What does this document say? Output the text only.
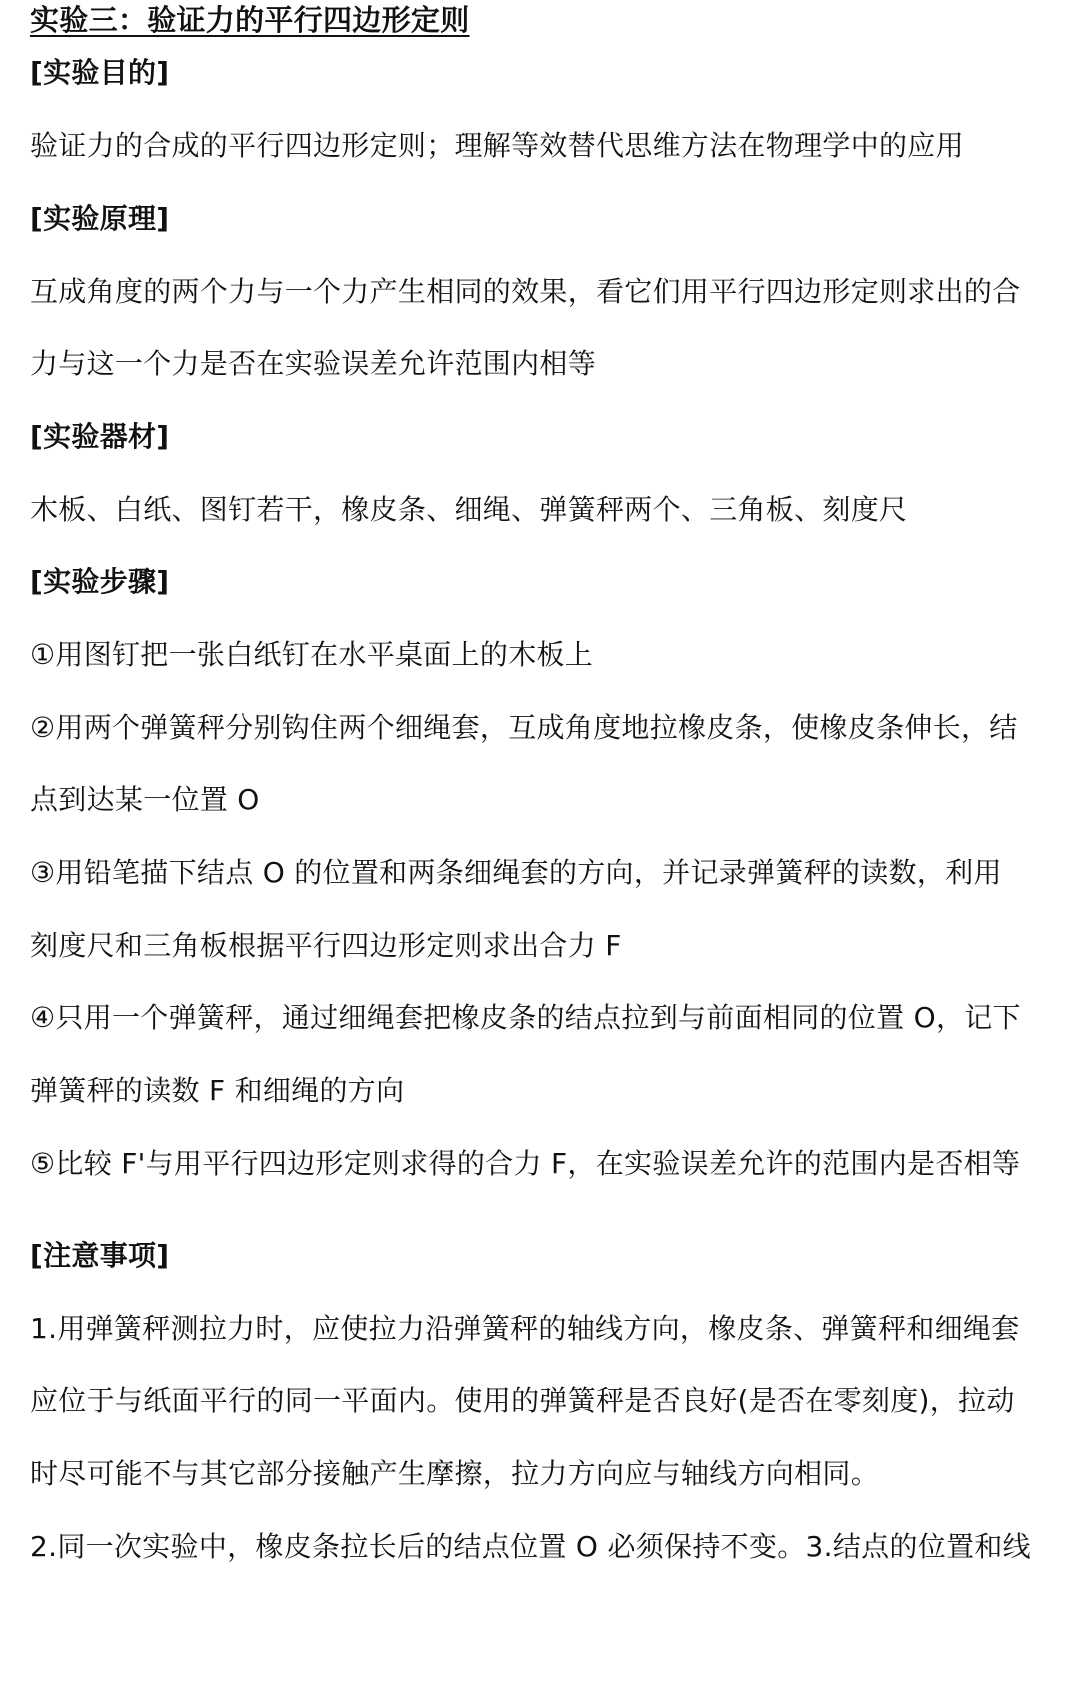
实验三：验证力的平行四边形定则
[实验目的]
验证力的合成的平行四边形定则；理解等效替代思维方法在物理学中的应用
[实验原理]
互成角度的两个力与一个力产生相同的效果，看它们用平行四边形定则求出的合
力与这一个力是否在实验误差允许范围内相等
[实验器材]
木板、白纸、图钉若干，橡皮条、细绳、弹簧秤两个、三角板、刻度尺
[实验步骤]
①用图钉把一张白纸钉在水平桌面上的木板上
②用两个弹簧秤分别钩住两个细绳套，互成角度地拉橡皮条，使橡皮条伸长，结
点到达某一位置 O
③用铅笔描下结点 O 的位置和两条细绳套的方向，并记录弹簧秤的读数，利用
刻度尺和三角板根据平行四边形定则求出合力 F
④只用一个弹簧秤，通过细绳套把橡皮条的结点拉到与前面相同的位置 O，记下
弹簧秤的读数 F 和细绳的方向
⑤比较 F'与用平行四边形定则求得的合力 F，在实验误差允许的范围内是否相等
[注意事项]
1.用弹簧秤测拉力时，应使拉力沿弹簧秤的轴线方向，橡皮条、弹簧秤和细绳套
应位于与纸面平行的同一平面内。使用的弹簧秤是否良好(是否在零刻度)，拉动
时尽可能不与其它部分接触产生摩擦，拉力方向应与轴线方向相同。
2.同一次实验中，橡皮条拉长后的结点位置 O 必须保持不变。3.结点的位置和线
